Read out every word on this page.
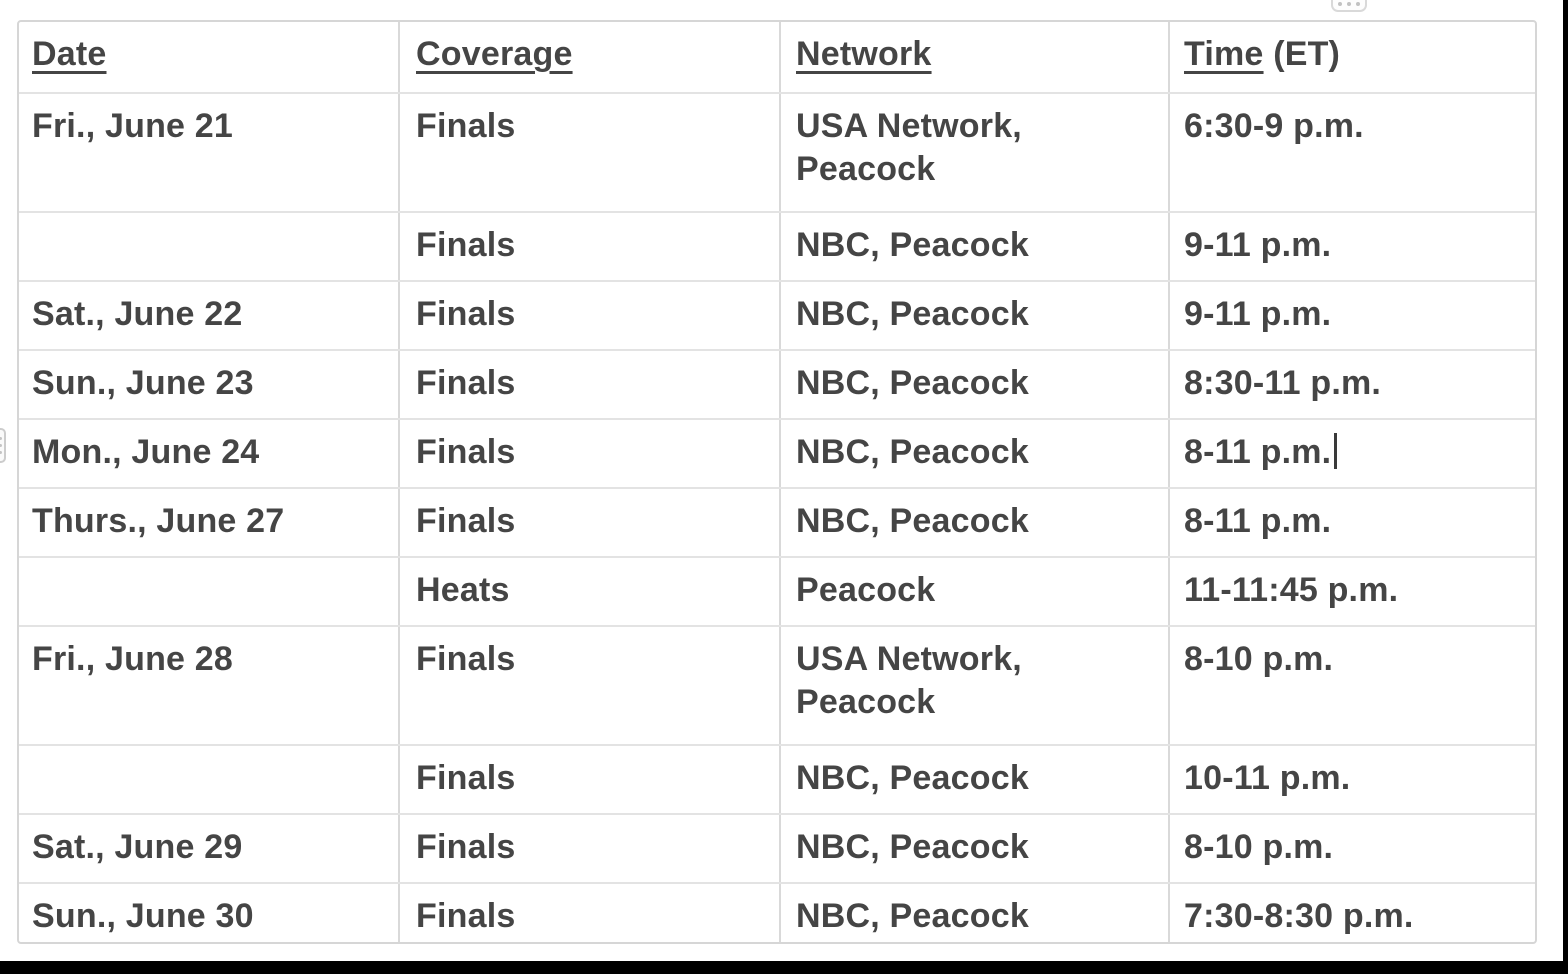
Date	Coverage	Network	Time (ET)
Fri., June 21	Finals	USA Network, Peacock	6:30-9 p.m.
	Finals	NBC, Peacock	9-11 p.m.
Sat., June 22	Finals	NBC, Peacock	9-11 p.m.
Sun., June 23	Finals	NBC, Peacock	8:30-11 p.m.
Mon., June 24	Finals	NBC, Peacock	8-11 p.m.
Thurs., June 27	Finals	NBC, Peacock	8-11 p.m.
	Heats	Peacock	11-11:45 p.m.
Fri., June 28	Finals	USA Network, Peacock	8-10 p.m.
	Finals	NBC, Peacock	10-11 p.m.
Sat., June 29	Finals	NBC, Peacock	8-10 p.m.
Sun., June 30	Finals	NBC, Peacock	7:30-8:30 p.m.
